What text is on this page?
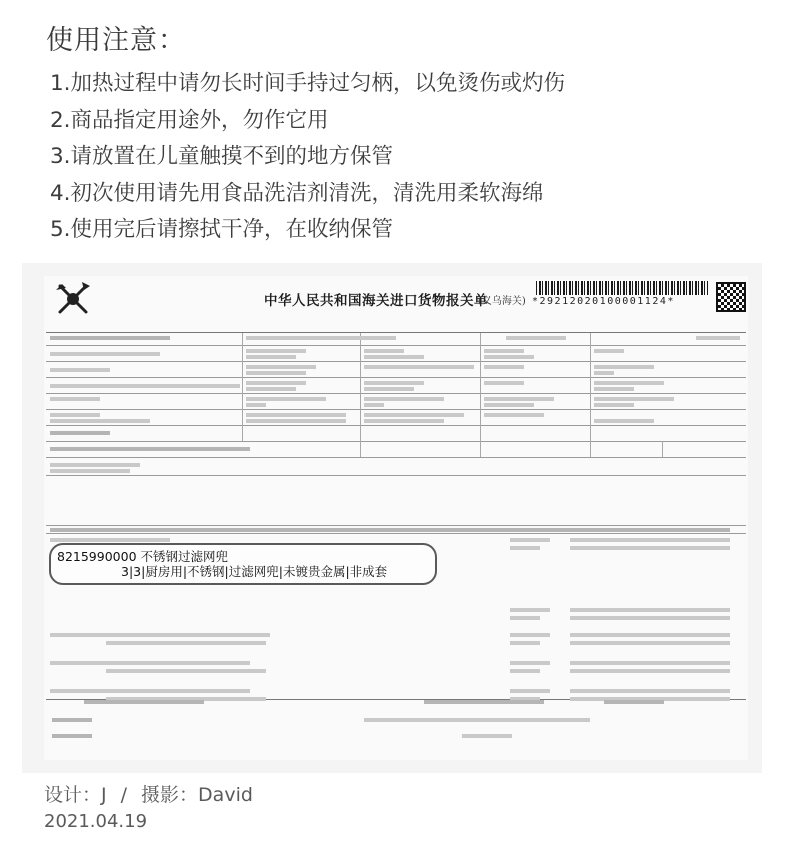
使用注意：
1.加热过程中请勿长时间手持过匀柄，以免烫伤或灼伤
2.商品指定用途外，勿作它用
3.请放置在儿童触摸不到的地方保管
4.初次使用请先用食品洗洁剂清洗，清洗用柔软海绵
5.使用完后请擦拭干净，在收纳保管
中华人民共和国海关进口货物报关单
(义乌海关) *29212020100001124*
8215990000 不锈钢过滤网兜
3|3|厨房用|不锈钢|过滤网兜|未镀贵金属|非成套
设计：J / 摄影：David
2021.04.19
